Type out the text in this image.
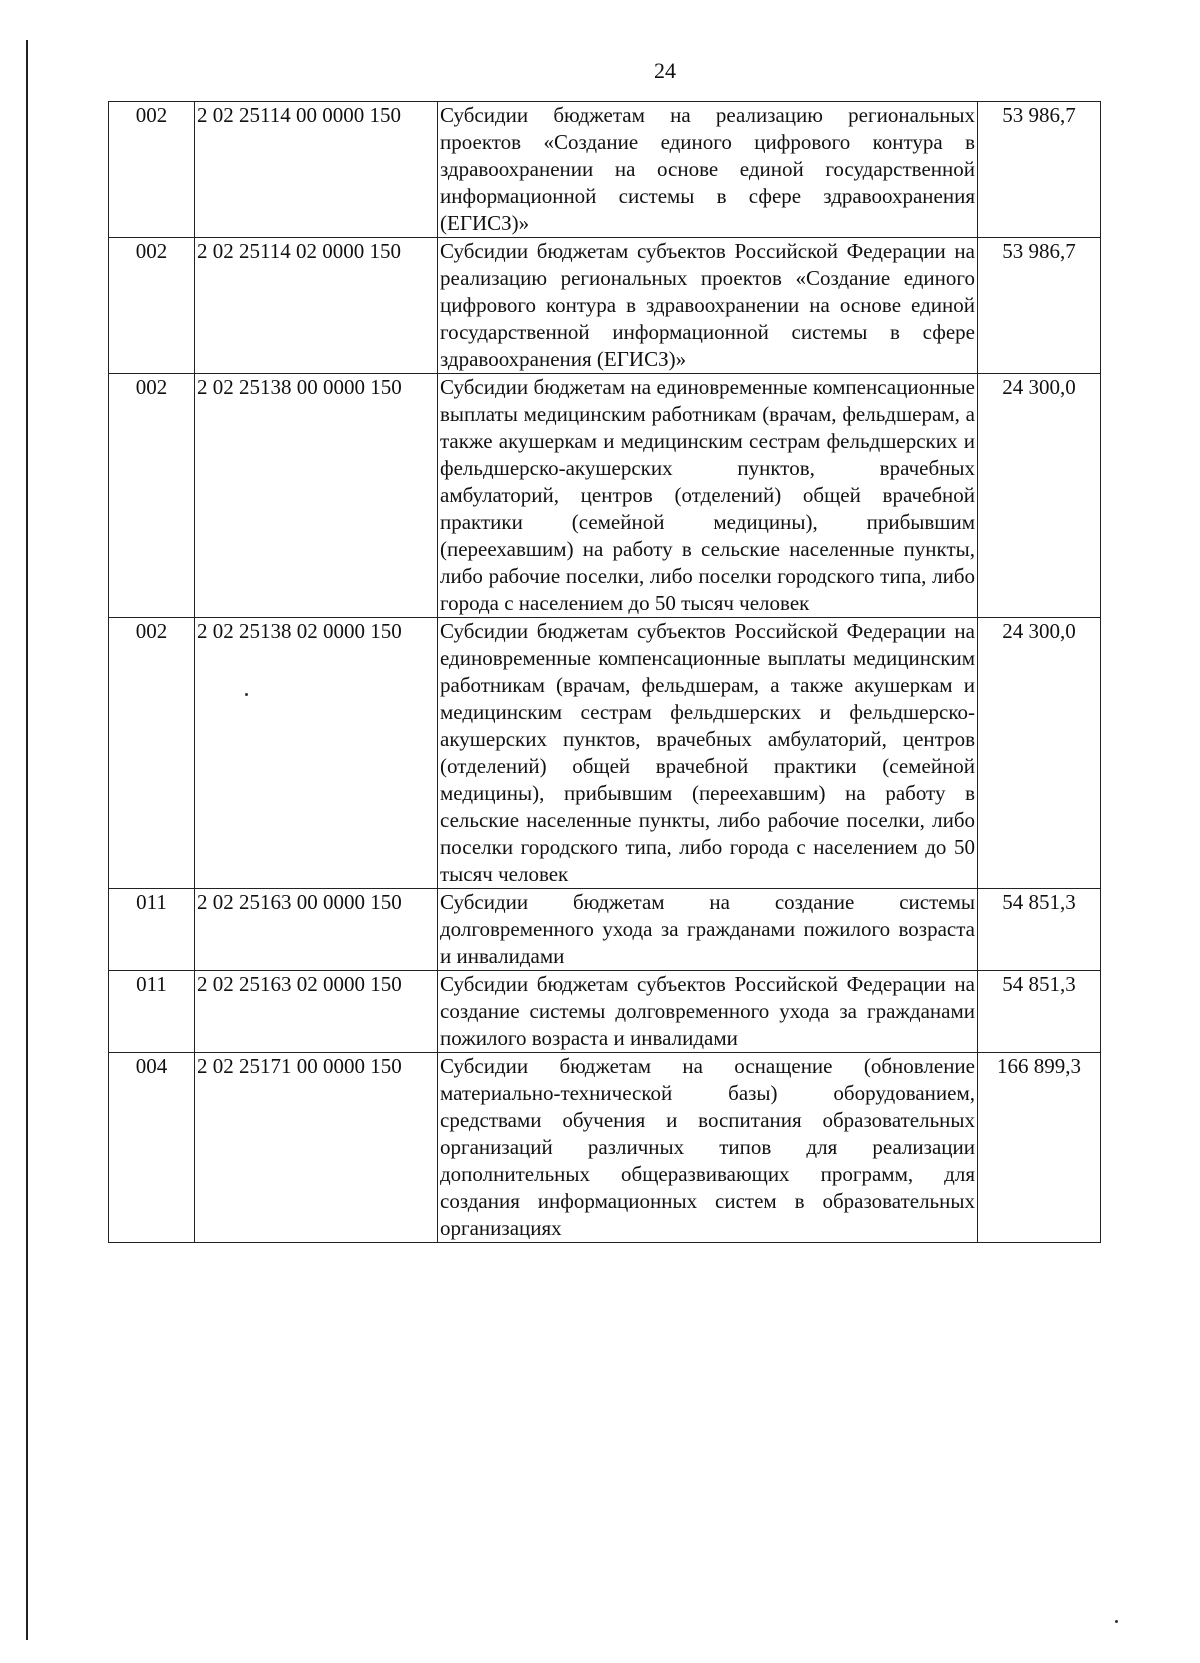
24
002	2 02 25114 00 0000 150	Субсидии бюджетам на реализацию региональных проектов «Создание единого цифрового контура в здравоохранении на основе единой государственной информационной системы в сфере здравоохранения (ЕГИСЗ)»	53 986,7
002	2 02 25114 02 0000 150	Субсидии бюджетам субъектов Российской Федерации на реализацию региональных проектов «Создание единого цифрового контура в здравоохранении на основе единой государственной информационной системы в сфере здравоохранения (ЕГИСЗ)»	53 986,7
002	2 02 25138 00 0000 150	Субсидии бюджетам на единовременные компенсационные выплаты медицинским работникам (врачам, фельдшерам, а также акушеркам и медицинским сестрам фельдшерских и фельдшерско-акушерских пунктов, врачебных амбулаторий, центров (отделений) общей врачебной практики (семейной медицины), прибывшим (переехавшим) на работу в сельские населенные пункты, либо рабочие поселки, либо поселки городского типа, либо города с населением до 50 тысяч человек	24 300,0
002	2 02 25138 02 0000 150	Субсидии бюджетам субъектов Российской Федерации на единовременные компенсационные выплаты медицинским работникам (врачам, фельдшерам, а также акушеркам и медицинским сестрам фельдшерских и фельдшерско-акушерских пунктов, врачебных амбулаторий, центров (отделений) общей врачебной практики (семейной медицины), прибывшим (переехавшим) на работу в сельские населенные пункты, либо рабочие поселки, либо поселки городского типа, либо города с населением до 50 тысяч человек	24 300,0
011	2 02 25163 00 0000 150	Субсидии бюджетам на создание системы долговременного ухода за гражданами пожилого возраста и инвалидами	54 851,3
011	2 02 25163 02 0000 150	Субсидии бюджетам субъектов Российской Федерации на создание системы долговременного ухода за гражданами пожилого возраста и инвалидами	54 851,3
004	2 02 25171 00 0000 150	Субсидии бюджетам на оснащение (обновление материально-технической базы) оборудованием, средствами обучения и воспитания образовательных организаций различных типов для реализации дополнительных общеразвивающих программ, для создания информационных систем в образовательных организациях	166 899,3
